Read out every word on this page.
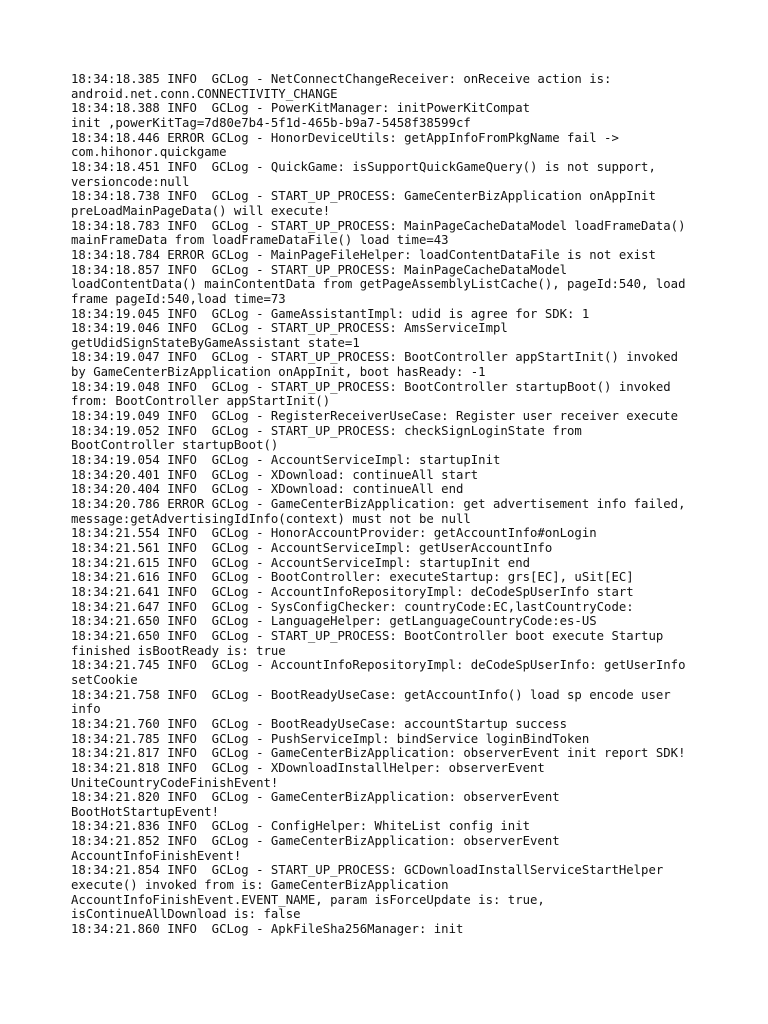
18:34:18.385 INFO  GCLog - NetConnectChangeReceiver: onReceive action is:
android.net.conn.CONNECTIVITY_CHANGE
18:34:18.388 INFO  GCLog - PowerKitManager: initPowerKitCompat
init ,powerKitTag=7d80e7b4-5f1d-465b-b9a7-5458f38599cf
18:34:18.446 ERROR GCLog - HonorDeviceUtils: getAppInfoFromPkgName fail ->
com.hihonor.quickgame
18:34:18.451 INFO  GCLog - QuickGame: isSupportQuickGameQuery() is not support,
versioncode:null
18:34:18.738 INFO  GCLog - START_UP_PROCESS: GameCenterBizApplication onAppInit
preLoadMainPageData() will execute!
18:34:18.783 INFO  GCLog - START_UP_PROCESS: MainPageCacheDataModel loadFrameData()
mainFrameData from loadFrameDataFile() load time=43
18:34:18.784 ERROR GCLog - MainPageFileHelper: loadContentDataFile is not exist
18:34:18.857 INFO  GCLog - START_UP_PROCESS: MainPageCacheDataModel
loadContentData() mainContentData from getPageAssemblyListCache(), pageId:540, load
frame pageId:540,load time=73
18:34:19.045 INFO  GCLog - GameAssistantImpl: udid is agree for SDK: 1
18:34:19.046 INFO  GCLog - START_UP_PROCESS: AmsServiceImpl
getUdidSignStateByGameAssistant state=1
18:34:19.047 INFO  GCLog - START_UP_PROCESS: BootController appStartInit() invoked
by GameCenterBizApplication onAppInit, boot hasReady: -1
18:34:19.048 INFO  GCLog - START_UP_PROCESS: BootController startupBoot() invoked
from: BootController appStartInit()
18:34:19.049 INFO  GCLog - RegisterReceiverUseCase: Register user receiver execute
18:34:19.052 INFO  GCLog - START_UP_PROCESS: checkSignLoginState from
BootController startupBoot()
18:34:19.054 INFO  GCLog - AccountServiceImpl: startupInit
18:34:20.401 INFO  GCLog - XDownload: continueAll start
18:34:20.404 INFO  GCLog - XDownload: continueAll end
18:34:20.786 ERROR GCLog - GameCenterBizApplication: get advertisement info failed,
message:getAdvertisingIdInfo(context) must not be null
18:34:21.554 INFO  GCLog - HonorAccountProvider: getAccountInfo#onLogin
18:34:21.561 INFO  GCLog - AccountServiceImpl: getUserAccountInfo
18:34:21.615 INFO  GCLog - AccountServiceImpl: startupInit end
18:34:21.616 INFO  GCLog - BootController: executeStartup: grs[EC], uSit[EC]
18:34:21.641 INFO  GCLog - AccountInfoRepositoryImpl: deCodeSpUserInfo start
18:34:21.647 INFO  GCLog - SysConfigChecker: countryCode:EC,lastCountryCode:
18:34:21.650 INFO  GCLog - LanguageHelper: getLanguageCountryCode:es-US
18:34:21.650 INFO  GCLog - START_UP_PROCESS: BootController boot execute Startup
finished isBootReady is: true
18:34:21.745 INFO  GCLog - AccountInfoRepositoryImpl: deCodeSpUserInfo: getUserInfo
setCookie
18:34:21.758 INFO  GCLog - BootReadyUseCase: getAccountInfo() load sp encode user
info
18:34:21.760 INFO  GCLog - BootReadyUseCase: accountStartup success
18:34:21.785 INFO  GCLog - PushServiceImpl: bindService loginBindToken
18:34:21.817 INFO  GCLog - GameCenterBizApplication: observerEvent init report SDK!
18:34:21.818 INFO  GCLog - XDownloadInstallHelper: observerEvent
UniteCountryCodeFinishEvent!
18:34:21.820 INFO  GCLog - GameCenterBizApplication: observerEvent
BootHotStartupEvent!
18:34:21.836 INFO  GCLog - ConfigHelper: WhiteList config init
18:34:21.852 INFO  GCLog - GameCenterBizApplication: observerEvent
AccountInfoFinishEvent!
18:34:21.854 INFO  GCLog - START_UP_PROCESS: GCDownloadInstallServiceStartHelper
execute() invoked from is: GameCenterBizApplication
AccountInfoFinishEvent.EVENT_NAME, param isForceUpdate is: true,
isContinueAllDownload is: false
18:34:21.860 INFO  GCLog - ApkFileSha256Manager: init
